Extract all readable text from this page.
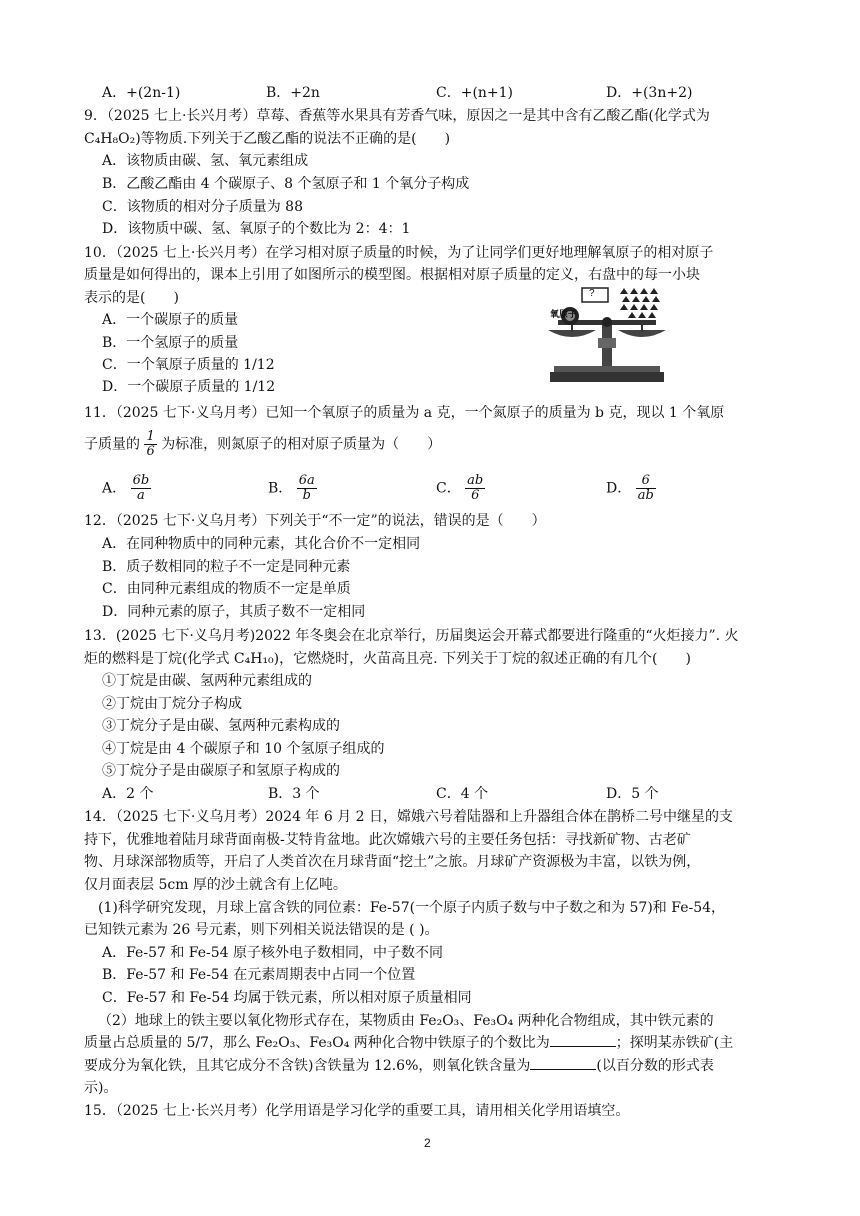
A．+(2n-1)	B．+2n	C．+(n+1)	D．+(3n+2)
9．（2025 七上·长兴月考）草莓、香蕉等水果具有芳香气味，原因之一是其中含有乙酸乙酯(化学式为
C₄H₈O₂)等物质.下列关于乙酸乙酯的说法不正确的是(　　)
A．该物质由碳、氢、氧元素组成
B．乙酸乙酯由 4 个碳原子、8 个氢原子和 1 个氧分子构成
C．该物质的相对分子质量为 88
D．该物质中碳、氢、氧原子的个数比为 2：4：1
10．（2025 七上·长兴月考）在学习相对原子质量的时候，为了让同学们更好地理解氧原子的相对原子
质量是如何得出的，课本上引用了如图所示的模型图。根据相对原子质量的定义，右盘中的每一小块
表示的是(　　)
A．一个碳原子的质量
B．一个氢原子的质量
C．一个氧原子质量的 1/12
D．一个碳原子质量的 1/12
氧原子
?
11．（2025 七下·义乌月考）已知一个氧原子的质量为 a 克，一个氮原子的质量为 b 克，现以 1 个氧原
子质量的 $\frac{1}{6}$ 为标准，则氮原子的相对原子质量为（　　）
A． $\frac{6b}{a}$	B． $\frac{6a}{b}$	C． $\frac{ab}{6}$	D． $\frac{6}{ab}$
12．（2025 七下·义乌月考）下列关于“不一定”的说法，错误的是（　　）
A．在同种物质中的同种元素，其化合价不一定相同
B．质子数相同的粒子不一定是同种元素
C．由同种元素组成的物质不一定是单质
D．同种元素的原子，其质子数不一定相同
13．(2025 七下·义乌月考)2022 年冬奥会在北京举行，历届奥运会开幕式都要进行隆重的“火炬接力”. 火
炬的燃料是丁烷(化学式 C₄H₁₀)，它燃烧时，火苗高且亮. 下列关于丁烷的叙述正确的有几个(　　)
①丁烷是由碳、氢两种元素组成的
②丁烷由丁烷分子构成
③丁烷分子是由碳、氢两种元素构成的
④丁烷是由 4 个碳原子和 10 个氢原子组成的
⑤丁烷分子是由碳原子和氢原子构成的
A．2 个	B．3 个	C．4 个	D．5 个
14．（2025 七下·义乌月考）2024 年 6 月 2 日，嫦娥六号着陆器和上升器组合体在鹊桥二号中继星的支
持下，优雅地着陆月球背面南极-艾特肯盆地。此次嫦娥六号的主要任务包括：寻找新矿物、古老矿
物、月球深部物质等，开启了人类首次在月球背面“挖土”之旅。月球矿产资源极为丰富，以铁为例，
仅月面表层 5cm 厚的沙土就含有上亿吨。
(1)科学研究发现，月球上富含铁的同位素：Fe-57(一个原子内质子数与中子数之和为 57)和 Fe-54，
已知铁元素为 26 号元素，则下列相关说法错误的是 ( )。
A．Fe-57 和 Fe-54 原子核外电子数相同，中子数不同
B．Fe-57 和 Fe-54 在元素周期表中占同一个位置
C．Fe-57 和 Fe-54 均属于铁元素，所以相对原子质量相同
（2）地球上的铁主要以氧化物形式存在，某物质由 Fe₂O₃、Fe₃O₄ 两种化合物组成，其中铁元素的
质量占总质量的 5/7，那么 Fe₂O₃、Fe₃O₄ 两种化合物中铁原子的个数比为	；探明某赤铁矿(主
要成分为氧化铁，且其它成分不含铁)含铁量为 12.6%，则氧化铁含量为	(以百分数的形式表
示)。
15．（2025 七上·长兴月考）化学用语是学习化学的重要工具，请用相关化学用语填空。
2
